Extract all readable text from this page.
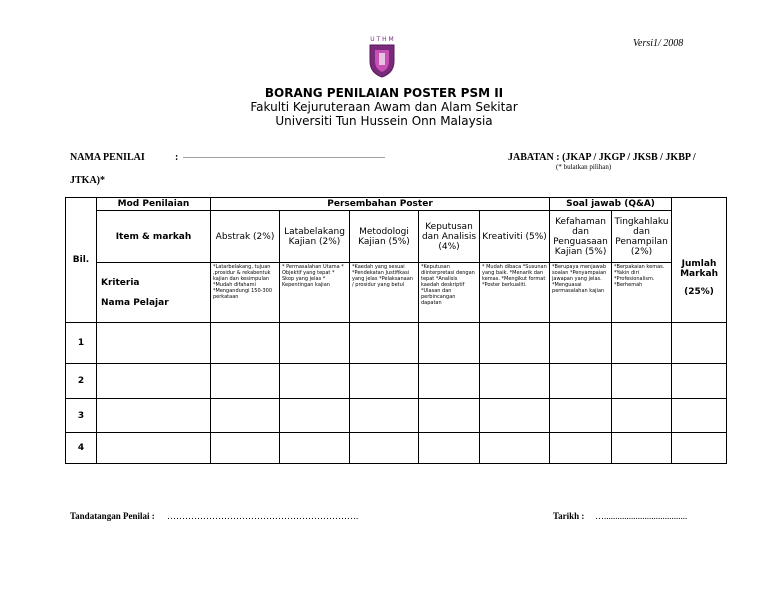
Versi1/ 2008
U T H M
BORANG PENILAIAN POSTER PSM II
Fakulti Kejuruteraan Awam dan Alam Sekitar
Universiti Tun Hussein Onn Malaysia
NAMA PENILAI	: .....................................................................................................	JABATAN : (JKAP / JKGP / JKSB / JKBP /
(* bulatkan pilihan)
JTKA)*
Bil.	Mod Penilaian	Persembahan Poster					Soal jawab (Q&A)		Jumlah Markah
(25%)

	Item & markah	Abstrak (2%)	Latabelakang Kajian (2%)	Metodologi Kajian (5%)	Keputusan dan Analisis (4%)	Kreativiti (5%)	Kefahaman dan Penguasaan Kajian (5%)	Tingkahlaku dan Penampilan (2%)	

	Kriteria
Nama Pelajar	*Latarbelakang, tujuan ,prosidur & rekabentuk kajian dan kesimpulan *Mudah difahami *Mengandungi 150-300 perkataan	* Permasalahan Utama * Objektif yang tepat * Skop yang jelas * Kepentingan kajian	*Kaedah yang sesuai *Pendekatan Justifikasi yang jelas *Pelaksanaan / prosidur yang betul	*Keputusan diinterpretasi dengan tepat *Analisis kaedah deskriptif *Ulasan dan perbincangan dapatan	* Mudah dibaca *Susunan yang baik. *Menarik dan kemas. *Mengikut format *Poster berkualiti.	*Berupaya menjawab soalan *Penyampaian jawapan yang jelas. *Menguasai permasalahan kajian	*Berpakaian kemas. *Yakin diri *Profesionalism. *Berhemah	
1									
2									
3									
4									
Tandatangan Penilai : ……………………………………………………….	Tarikh : ….....................................
